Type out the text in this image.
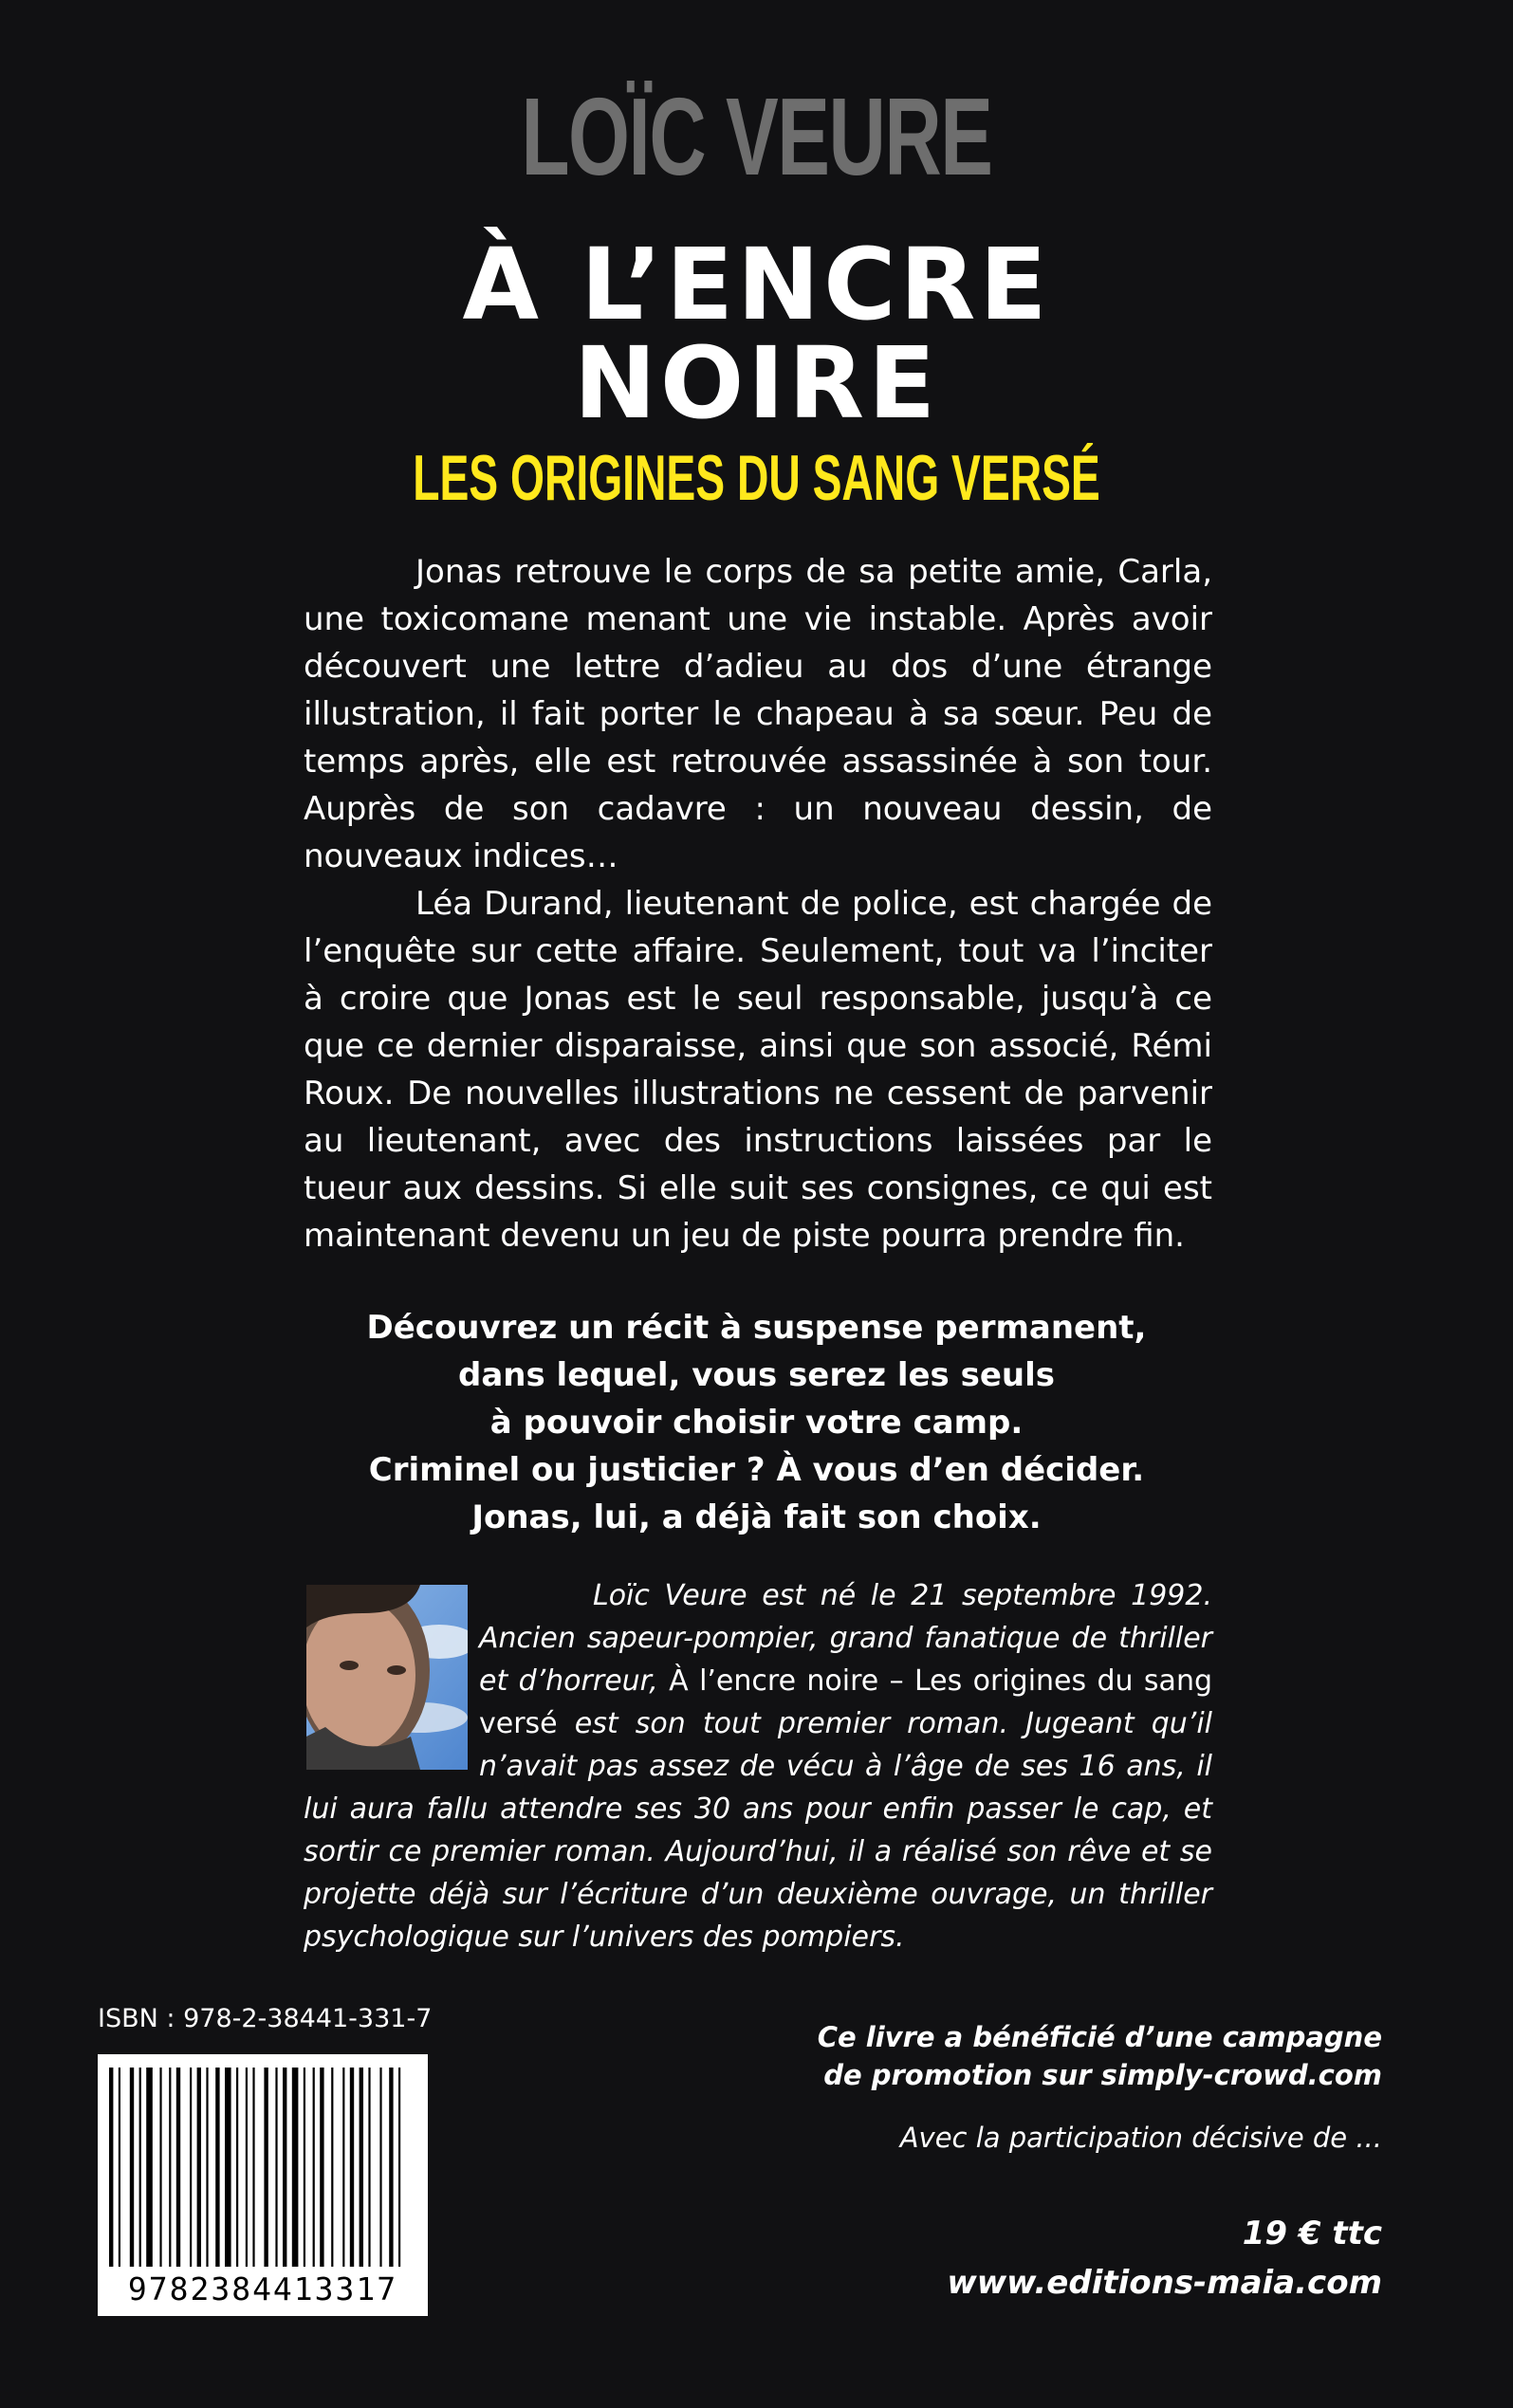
LOÏC VEURE
À L’ENCRE
NOIRE
LES ORIGINES DU SANG VERSÉ

Jonas retrouve le corps de sa petite amie, Carla, une toxicomane menant une vie instable. Après avoir découvert une lettre d’adieu au dos d’une étrange illustration, il fait porter le chapeau à sa sœur. Peu de temps après, elle est retrouvée assassinée à son tour. Auprès de son cadavre : un nouveau dessin, de nouveaux indices…

Léa Durand, lieutenant de police, est chargée de l’enquête sur cette affaire. Seulement, tout va l’inciter à croire que Jonas est le seul responsable, jusqu’à ce que ce dernier disparaisse, ainsi que son associé, Rémi Roux. De nouvelles illustrations ne cessent de parvenir au lieutenant, avec des instructions laissées par le tueur aux dessins. Si elle suit ses consignes, ce qui est maintenant devenu un jeu de piste pourra prendre fin.

Découvrez un récit à suspense permanent,
dans lequel, vous serez les seuls
à pouvoir choisir votre camp.
Criminel ou justicier ? À vous d’en décider.
Jonas, lui, a déjà fait son choix.
Loïc Veure est né le 21 septembre 1992. Ancien sapeur-pompier, grand fanatique de thriller et d’horreur, À l’encre noire – Les origines du sang versé est son tout premier roman. Jugeant qu’il n’avait pas assez de vécu à l’âge de ses 16 ans, il lui aura fallu attendre ses 30 ans pour enfin passer le cap, et sortir ce premier roman. Aujourd’hui, il a réalisé son rêve et se projette déjà sur l’écriture d’un deuxième ouvrage, un thriller psychologique sur l’univers des pompiers.
ISBN : 978-2-38441-331-7
9782384413317
Ce livre a bénéficié d’une campagne
de promotion sur simply-crowd.com
Avec la participation décisive de ...
19 € ttc
www.editions-maia.com
